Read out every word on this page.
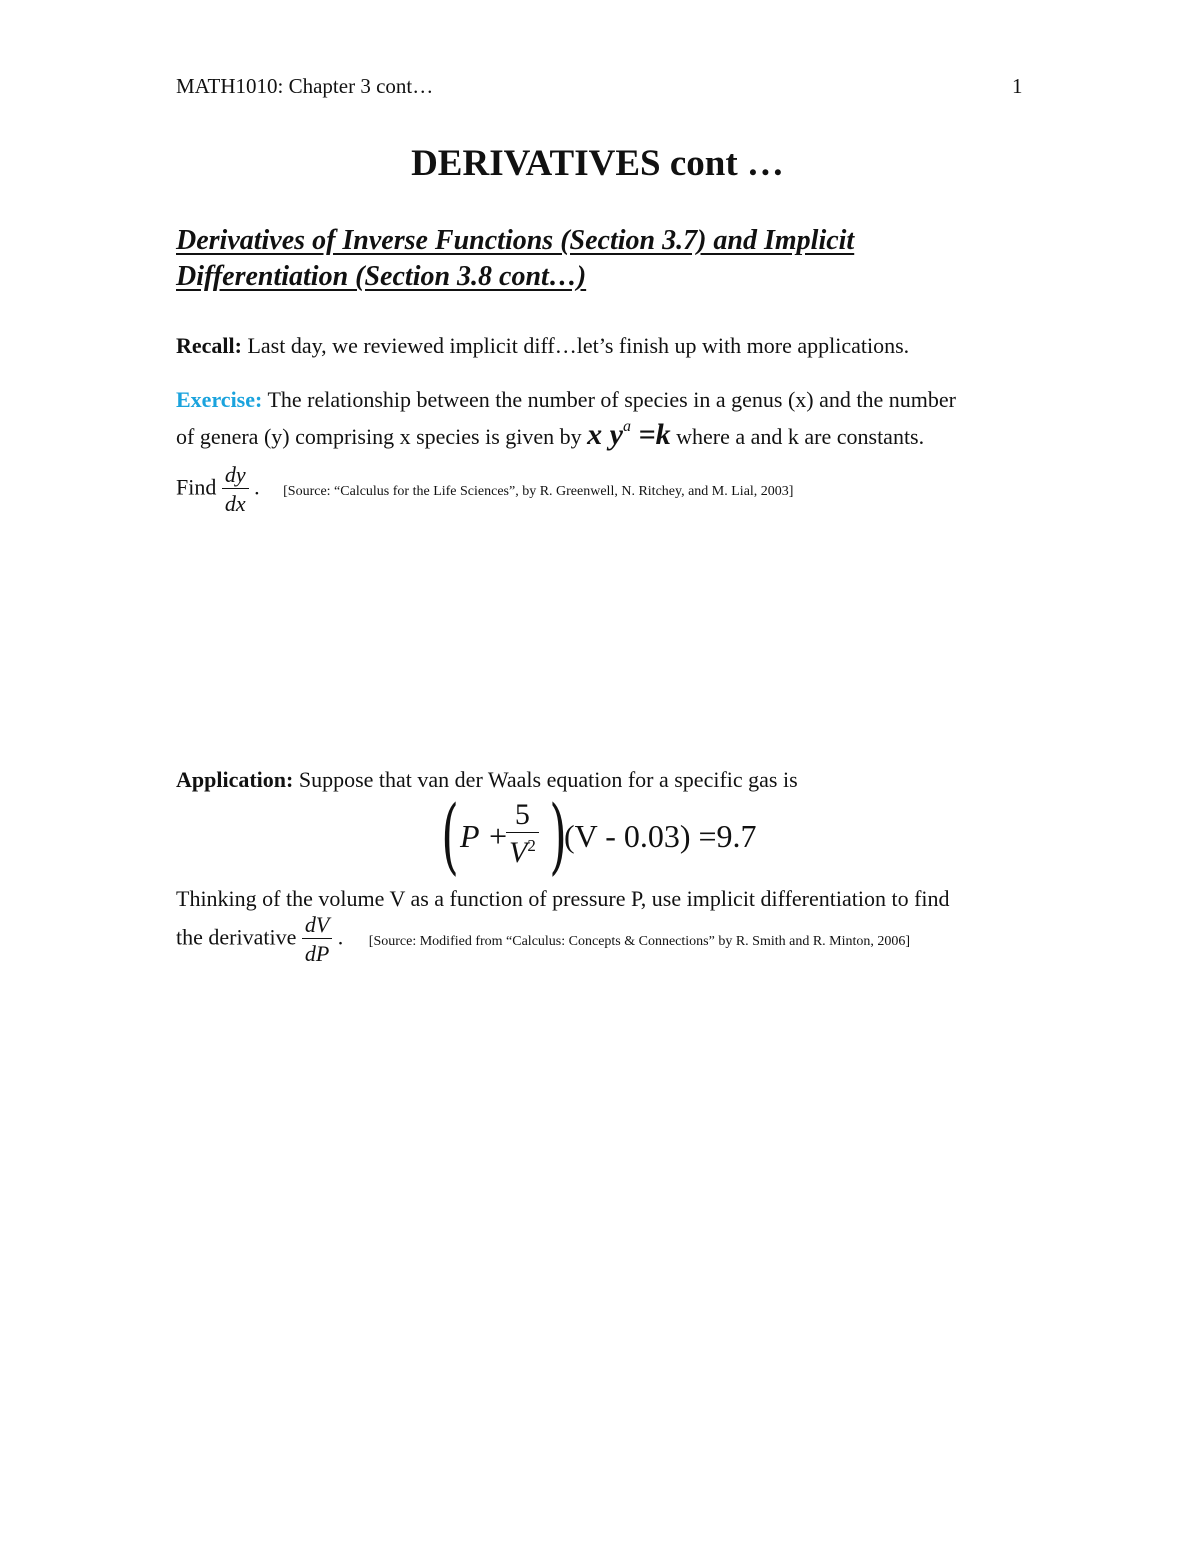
MATH1010: Chapter 3 cont…	1
DERIVATIVES cont …
Derivatives of Inverse Functions (Section 3.7) and Implicit
Differentiation (Section 3.8 cont…)
Recall: Last day, we reviewed implicit diff…let’s finish up with more applications.
Exercise: The relationship between the number of species in a genus (x) and the number
of genera (y) comprising x species is given by x $y^a =k$ where a and k are constants.
Find $\frac{dy}{dx}$ . [Source: “Calculus for the Life Sciences”, by R. Greenwell, N. Ritchey, and M. Lial, 2003]
Application: Suppose that van der Waals equation for a specific gas is
( P +
$\frac{5}{V^2}$ )
(V - 0.03) =9.7
Thinking of the volume V as a function of pressure P, use implicit differentiation to find
the derivative $\frac{dV}{dP}$ . [Source: Modified from “Calculus: Concepts & Connections” by R. Smith and R. Minton, 2006]
